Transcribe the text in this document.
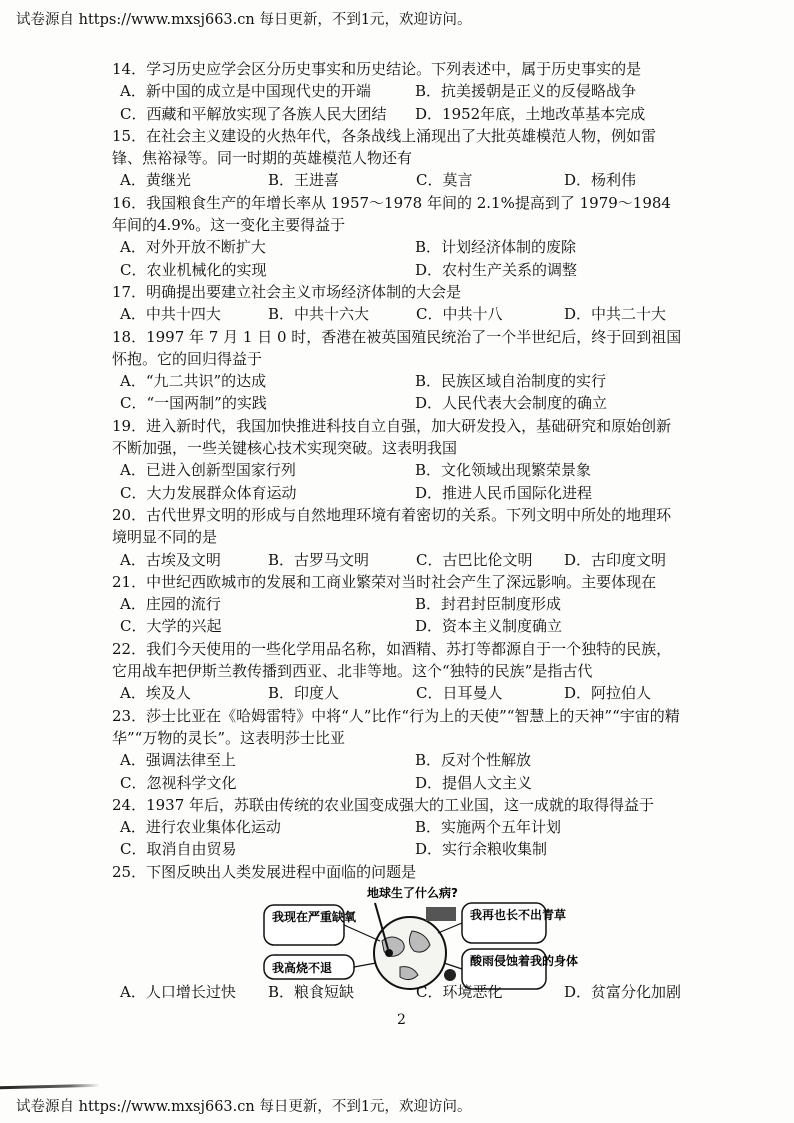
试卷源自 https://www.mxsj663.cn 每日更新，不到1元，欢迎访问。
14．学习历史应学会区分历史事实和历史结论。下列表述中，属于历史事实的是
A．新中国的成立是中国现代史的开端	B．抗美援朝是正义的反侵略战争
C．西藏和平解放实现了各族人民大团结	D．1952年底，土地改革基本完成
15．在社会主义建设的火热年代，各条战线上涌现出了大批英雄模范人物，例如雷锋、焦裕禄等。同一时期的英雄模范人物还有
A．黄继光	B．王进喜	C．莫言	D．杨利伟
16．我国粮食生产的年增长率从 1957～1978 年间的 2.1%提高到了 1979～1984 年间的4.9%。这一变化主要得益于
A．对外开放不断扩大	B．计划经济体制的废除
C．农业机械化的实现	D．农村生产关系的调整
17．明确提出要建立社会主义市场经济体制的大会是
A．中共十四大	B．中共十六大	C．中共十八	D．中共二十大
18．1997 年 7 月 1 日 0 时，香港在被英国殖民统治了一个半世纪后，终于回到祖国怀抱。它的回归得益于
A．“九二共识”的达成	B．民族区域自治制度的实行
C．“一国两制”的实践	D．人民代表大会制度的确立
19．进入新时代，我国加快推进科技自立自强，加大研发投入，基础研究和原始创新不断加强，一些关键核心技术实现突破。这表明我国
A．已进入创新型国家行列	B．文化领域出现繁荣景象
C．大力发展群众体育运动	D．推进人民币国际化进程
20．古代世界文明的形成与自然地理环境有着密切的关系。下列文明中所处的地理环境明显不同的是
A．古埃及文明	B．古罗马文明	C．古巴比伦文明	D．古印度文明
21．中世纪西欧城市的发展和工商业繁荣对当时社会产生了深远影响。主要体现在
A．庄园的流行	B．封君封臣制度形成
C．大学的兴起	D．资本主义制度确立
22．我们今天使用的一些化学用品名称，如酒精、苏打等都源自于一个独特的民族，它用战车把伊斯兰教传播到西亚、北非等地。这个“独特的民族”是指古代
A．埃及人	B．印度人	C．日耳曼人	D．阿拉伯人
23．莎士比亚在《哈姆雷特》中将“人”比作“行为上的天使”“智慧上的天神”“宇宙的精华”“万物的灵长”。这表明莎士比亚
A．强调法律至上	B．反对个性解放
C．忽视科学文化	D．提倡人文主义
24．1937 年后，苏联由传统的农业国变成强大的工业国，这一成就的取得得益于
A．进行农业集体化运动	B．实施两个五年计划
C．取消自由贸易	D．实行余粮收集制
25．下图反映出人类发展进程中面临的问题是
地球生了什么病?
我现在严重缺氧
我高烧不退
我再也长不出青草
酸雨侵蚀着我的身体
A．人口增长过快	B．粮食短缺	C．环境恶化	D．贫富分化加剧
2
试卷源自 https://www.mxsj663.cn 每日更新，不到1元，欢迎访问。
